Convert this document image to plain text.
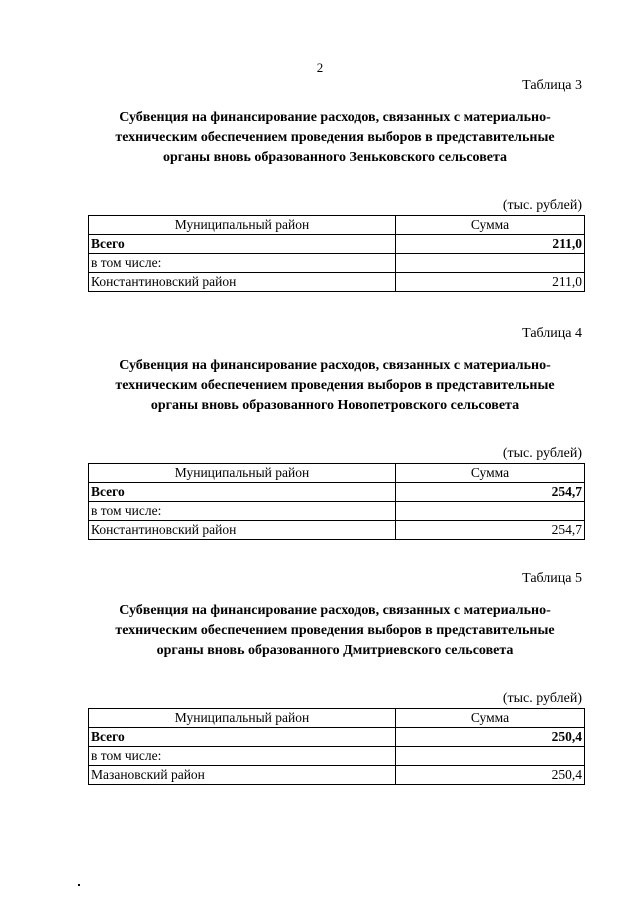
2
Таблица 3
Субвенция на финансирование расходов, связанных с материально-
техническим обеспечением проведения выборов в представительные
органы вновь образованного Зеньковского сельсовета
(тыс. рублей)
Муниципальный район	Сумма
Всего	211,0
в том числе:	
Константиновский район	211,0
Таблица 4
Субвенция на финансирование расходов, связанных с материально-
техническим обеспечением проведения выборов в представительные
органы вновь образованного Новопетровского сельсовета
(тыс. рублей)
Муниципальный район	Сумма
Всего	254,7
в том числе:	
Константиновский район	254,7
Таблица 5
Субвенция на финансирование расходов, связанных с материально-
техническим обеспечением проведения выборов в представительные
органы вновь образованного Дмитриевского сельсовета
(тыс. рублей)
Муниципальный район	Сумма
Всего	250,4
в том числе:	
Мазановский район	250,4
